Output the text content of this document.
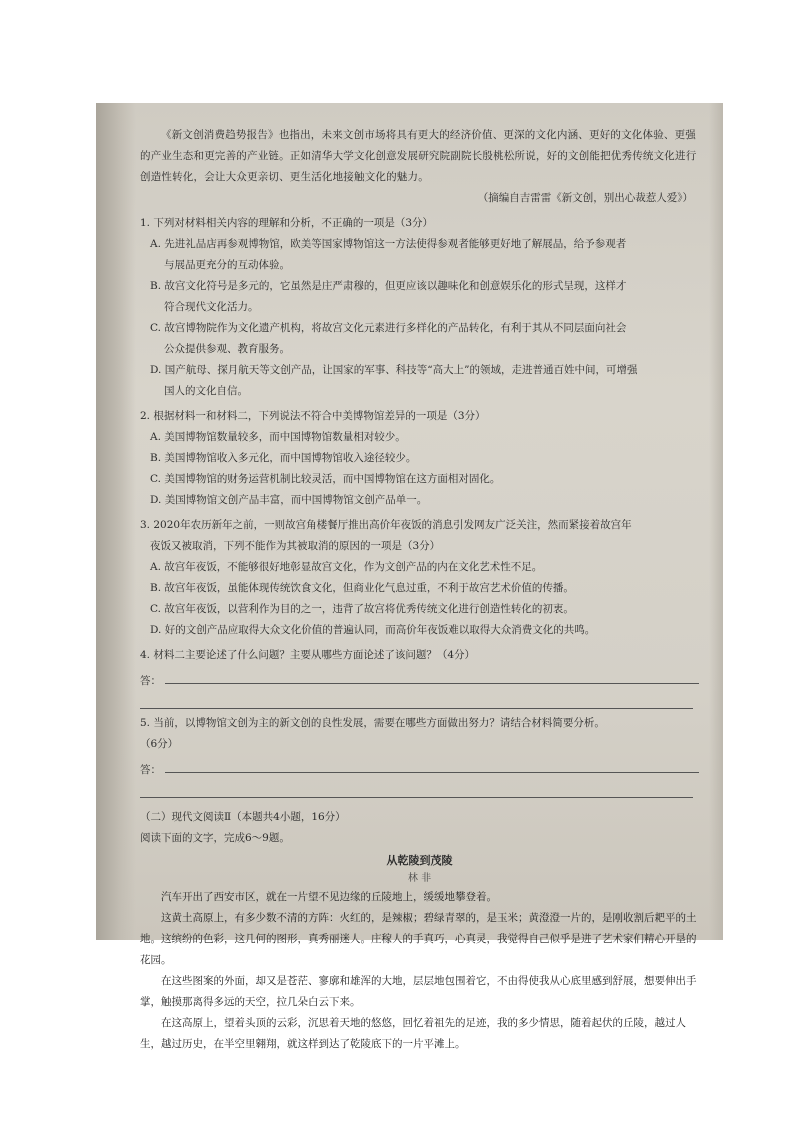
《新文创消费趋势报告》也指出，未来文创市场将具有更大的经济价值、更深的文化内涵、更好的文化体验、更强的产业生态和更完善的产业链。正如清华大学文化创意发展研究院副院长殷桃松所说，好的文创能把优秀传统文化进行创造性转化，会让大众更亲切、更生活化地接触文化的魅力。

（摘编自吉雷雷《新文创，别出心裁惹人爱》）

1. 下列对材料相关内容的理解和分析，不正确的一项是（3分）

A. 先进礼品店再参观博物馆，欧美等国家博物馆这一方法使得参观者能够更好地了解展品，给予参观者
与展品更充分的互动体验。

B. 故宫文化符号是多元的，它虽然是庄严肃穆的，但更应该以趣味化和创意娱乐化的形式呈现，这样才
符合现代文化活力。

C. 故宫博物院作为文化遗产机构，将故宫文化元素进行多样化的产品转化，有利于其从不同层面向社会
公众提供参观、教育服务。

D. 国产航母、探月航天等文创产品，让国家的军事、科技等“高大上”的领域，走进普通百姓中间，可增强
国人的文化自信。

2. 根据材料一和材料二，下列说法不符合中美博物馆差异的一项是（3分）

A. 美国博物馆数量较多，而中国博物馆数量相对较少。

B. 美国博物馆收入多元化，而中国博物馆收入途径较少。

C. 美国博物馆的财务运营机制比较灵活，而中国博物馆在这方面相对固化。

D. 美国博物馆文创产品丰富，而中国博物馆文创产品单一。

3. 2020年农历新年之前，一则故宫角楼餐厅推出高价年夜饭的消息引发网友广泛关注，然而紧接着故宫年
夜饭又被取消，下列不能作为其被取消的原因的一项是（3分）

A. 故宫年夜饭，不能够很好地彰显故宫文化，作为文创产品的内在文化艺术性不足。

B. 故宫年夜饭，虽能体现传统饮食文化，但商业化气息过重，不利于故宫艺术价值的传播。

C. 故宫年夜饭，以营利作为目的之一，违背了故宫将优秀传统文化进行创造性转化的初衷。

D. 好的文创产品应取得大众文化价值的普遍认同，而高价年夜饭难以取得大众消费文化的共鸣。

4. 材料二主要论述了什么问题？主要从哪些方面论述了该问题？（4分）

答：

5. 当前，以博物馆文创为主的新文创的良性发展，需要在哪些方面做出努力？请结合材料简要分析。
（6分）

答：

（二）现代文阅读Ⅱ（本题共4小题，16分）

阅读下面的文字，完成6～9题。

从乾陵到茂陵

林 非

汽车开出了西安市区，就在一片望不见边缘的丘陵地上，缓缓地攀登着。

这黄土高原上，有多少数不清的方阵：火红的，是辣椒；碧绿青翠的，是玉米；黄澄澄一片的，是刚收割后耙平的土地。这缤纷的色彩，这几何的图形，真秀丽迷人。庄稼人的手真巧，心真灵，我觉得自己似乎是进了艺术家们精心开垦的花园。

在这些图案的外面，却又是苍茫、寥廓和雄浑的大地，层层地包围着它，不由得使我从心底里感到舒展，想要伸出手掌，触摸那离得多远的天空，拉几朵白云下来。

在这高原上，望着头顶的云彩，沉思着天地的悠悠，回忆着祖先的足迹，我的多少情思，随着起伏的丘陵，越过人生，越过历史，在半空里翱翔，就这样到达了乾陵底下的一片平滩上。
